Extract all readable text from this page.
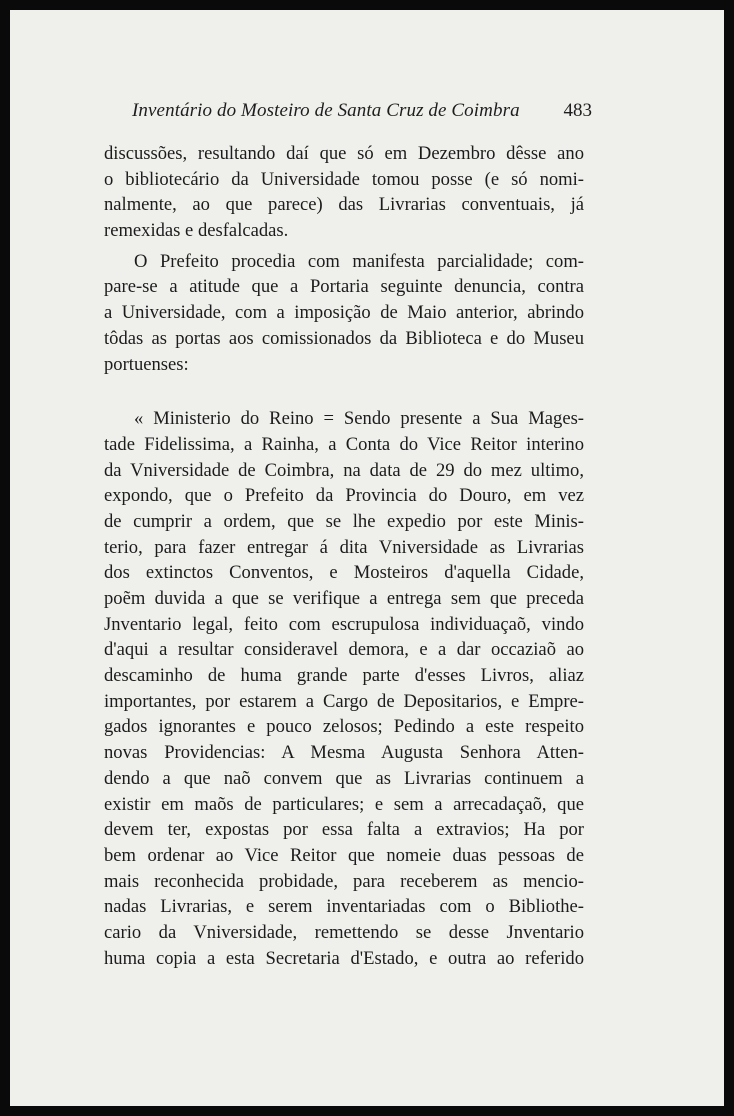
Inventário do Mosteiro de Santa Cruz de Coimbra 483
discussões, resultando daí que só em Dezembro dêsse ano
o bibliotecário da Universidade tomou posse (e só nomi-
nalmente, ao que parece) das Livrarias conventuais, já
remexidas e desfalcadas.
O Prefeito procedia com manifesta parcialidade; com-
pare-se a atitude que a Portaria seguinte denuncia, contra
a Universidade, com a imposição de Maio anterior, abrindo
tôdas as portas aos comissionados da Biblioteca e do Museu
portuenses:
« Ministerio do Reino = Sendo presente a Sua Mages-
tade Fidelissima, a Rainha, a Conta do Vice Reitor interino
da Vniversidade de Coimbra, na data de 29 do mez ultimo,
expondo, que o Prefeito da Provincia do Douro, em vez
de cumprir a ordem, que se lhe expedio por este Minis-
terio, para fazer entregar á dita Vniversidade as Livrarias
dos extinctos Conventos, e Mosteiros d'aquella Cidade,
poẽm duvida a que se verifique a entrega sem que preceda
Jnventario legal, feito com escrupulosa individuaçaõ, vindo
d'aqui a resultar consideravel demora, e a dar occaziaõ ao
descaminho de huma grande parte d'esses Livros, aliaz
importantes, por estarem a Cargo de Depositarios, e Empre-
gados ignorantes e pouco zelosos; Pedindo a este respeito
novas Providencias: A Mesma Augusta Senhora Atten-
dendo a que naõ convem que as Livrarias continuem a
existir em maõs de particulares; e sem a arrecadaçaõ, que
devem ter, expostas por essa falta a extravios; Ha por
bem ordenar ao Vice Reitor que nomeie duas pessoas de
mais reconhecida probidade, para receberem as mencio-
nadas Livrarias, e serem inventariadas com o Bibliothe-
cario da Vniversidade, remettendo se desse Jnventario
huma copia a esta Secretaria d'Estado, e outra ao referido
